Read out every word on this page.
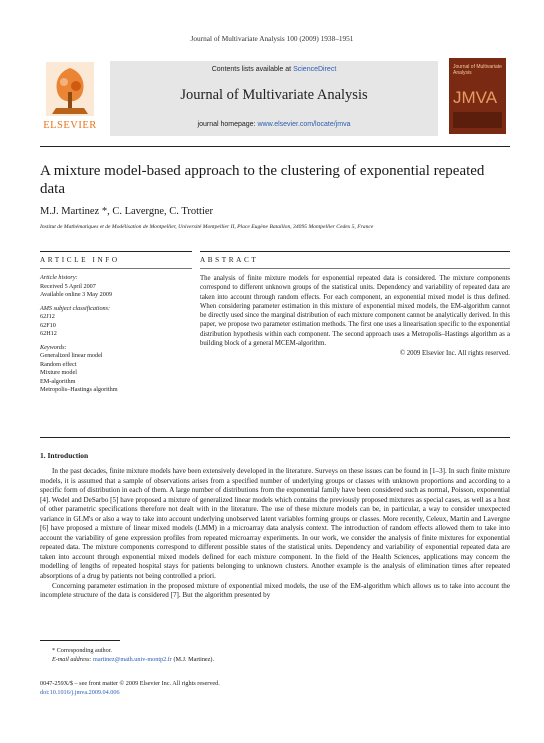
Journal of Multivariate Analysis 100 (2009) 1938–1951
ELSEVIER
Contents lists available at ScienceDirect
Journal of Multivariate Analysis
journal homepage: www.elsevier.com/locate/jmva
Journal of Multivariate Analysis
JMVA
A mixture model-based approach to the clustering of exponential repeated data
M.J. Martinez *, C. Lavergne, C. Trottier
Institut de Mathématiques et de Modélisation de Montpellier, Université Montpellier II, Place Eugène Bataillon, 34095 Montpellier Cedex 5, France
ARTICLE INFO	ABSTRACT
Article history:
Received 5 April 2007
Available online 3 May 2009
AMS subject classifications:
62J12
62F10
62H12
Keywords:
Generalized linear model
Random effect
Mixture model
EM-algorithm
Metropolis–Hastings algorithm
The analysis of finite mixture models for exponential repeated data is considered. The mixture components correspond to different unknown groups of the statistical units. Dependency and variability of repeated data are taken into account through random effects. For each component, an exponential mixed model is thus defined. When considering parameter estimation in this mixture of exponential mixed models, the EM-algorithm cannot be directly used since the marginal distribution of each mixture component cannot be analytically derived. In this paper, we propose two parameter estimation methods. The first one uses a linearisation specific to the exponential distribution hypothesis within each component. The second approach uses a Metropolis–Hastings algorithm as a building block of a general MCEM-algorithm.
© 2009 Elsevier Inc. All rights reserved.
1. Introduction

In the past decades, finite mixture models have been extensively developed in the literature. Surveys on these issues can be found in [1–3]. In such finite mixture models, it is assumed that a sample of observations arises from a specified number of underlying groups or classes with unknown proportions and according to a specific form of distribution in each of them. A large number of distributions from the exponential family have been considered such as normal, Poisson, exponential [4]. Wedel and DeSarbo [5] have proposed a mixture of generalized linear models which contains the previously proposed mixtures as special cases, as well as a host of other parametric specifications therefore not dealt with in the literature. The use of these mixture models can be, in particular, a way to consider unexpected variance in GLM's or also a way to take into account underlying unobserved latent variables forming groups or classes. More recently, Celeux, Martin and Lavergne [6] have proposed a mixture of linear mixed models (LMM) in a microarray data analysis context. The introduction of random effects allowed them to take into account the variability of gene expression profiles from repeated microarray experiments. In our work, we consider the analysis of finite mixtures for exponential repeated data. The mixture components correspond to different possible states of the statistical units. Dependency and variability of exponential repeated data are taken into account through exponential mixed models defined for each mixture component. In the field of the Health Sciences, applications may concern the modelling of lengths of repeated hospital stays for patients belonging to unknown clusters. Another example is the analysis of elimination times after repeated absorptions of a drug by patients not being controlled a priori.

Concerning parameter estimation in the proposed mixture of exponential mixed models, the use of the EM-algorithm which allows us to take into account the incomplete structure of the data is considered [7]. But the algorithm presented by

* Corresponding author.
E-mail address: martinez@math.univ-montp2.fr (M.J. Martinez).
0047-259X/$ – see front matter © 2009 Elsevier Inc. All rights reserved.
doi:10.1016/j.jmva.2009.04.006
